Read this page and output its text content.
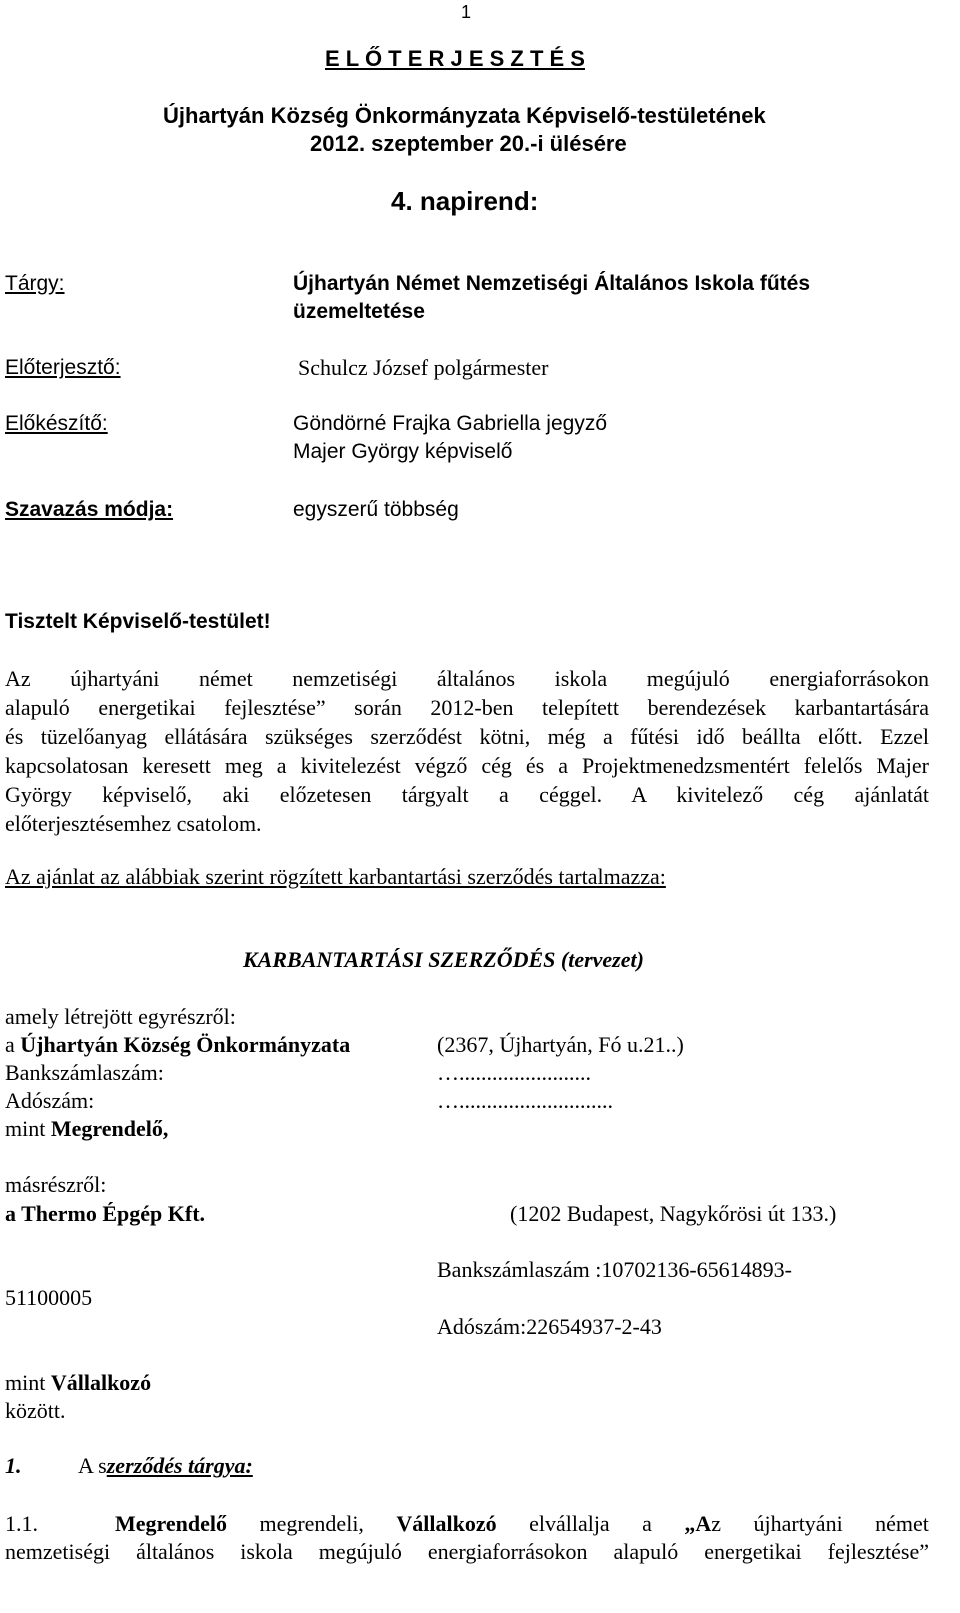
1
E L Ő T E R J E S Z T É S
Újhartyán Község Önkormányzata Képviselő-testületének
2012. szeptember 20.-i ülésére
4. napirend:
Tárgy:	Újhartyán Német Nemzetiségi Általános Iskola fűtés
üzemeltetése
Előterjesztő:	Schulcz József polgármester
Előkészítő:	Göndörné Frajka Gabriella jegyző
Majer György képviselő
Szavazás módja:	egyszerű többség
Tisztelt Képviselő-testület!
Az újhartyáni német nemzetiségi általános iskola megújuló energiaforrásokon
alapuló energetikai fejlesztése” során 2012-ben telepített berendezések karbantartására
és tüzelőanyag ellátására szükséges szerződést kötni, még a fűtési idő beállta előtt. Ezzel
kapcsolatosan keresett meg a kivitelezést végző cég és a Projektmenedzsmentért felelős Majer
György képviselő, aki előzetesen tárgyalt a céggel. A kivitelező cég ajánlatát
előterjesztésemhez csatolom.
Az ajánlat az alábbiak szerint rögzített karbantartási szerződés tartalmazza:
KARBANTARTÁSI SZERZŐDÉS (tervezet)
amely létrejött egyrészről:
a Újhartyán Község Önkormányzata	(2367, Újhartyán, Fó u.21..)
Bankszámlaszám:	…........................
Adószám:	…............................
mint Megrendelő,
másrészről:
a Thermo Épgép Kft.	(1202 Budapest, Nagykőrösi út 133.)
Bankszámlaszám :10702136-65614893-
51100005
Adószám:22654937-2-43
mint Vállalkozó
között.
1.	A szerződés tárgya:
1.1.	Megrendelő megrendeli, Vállalkozó elvállalja a „Az újhartyáni német
nemzetiségi általános iskola megújuló energiaforrásokon alapuló energetikai fejlesztése”
